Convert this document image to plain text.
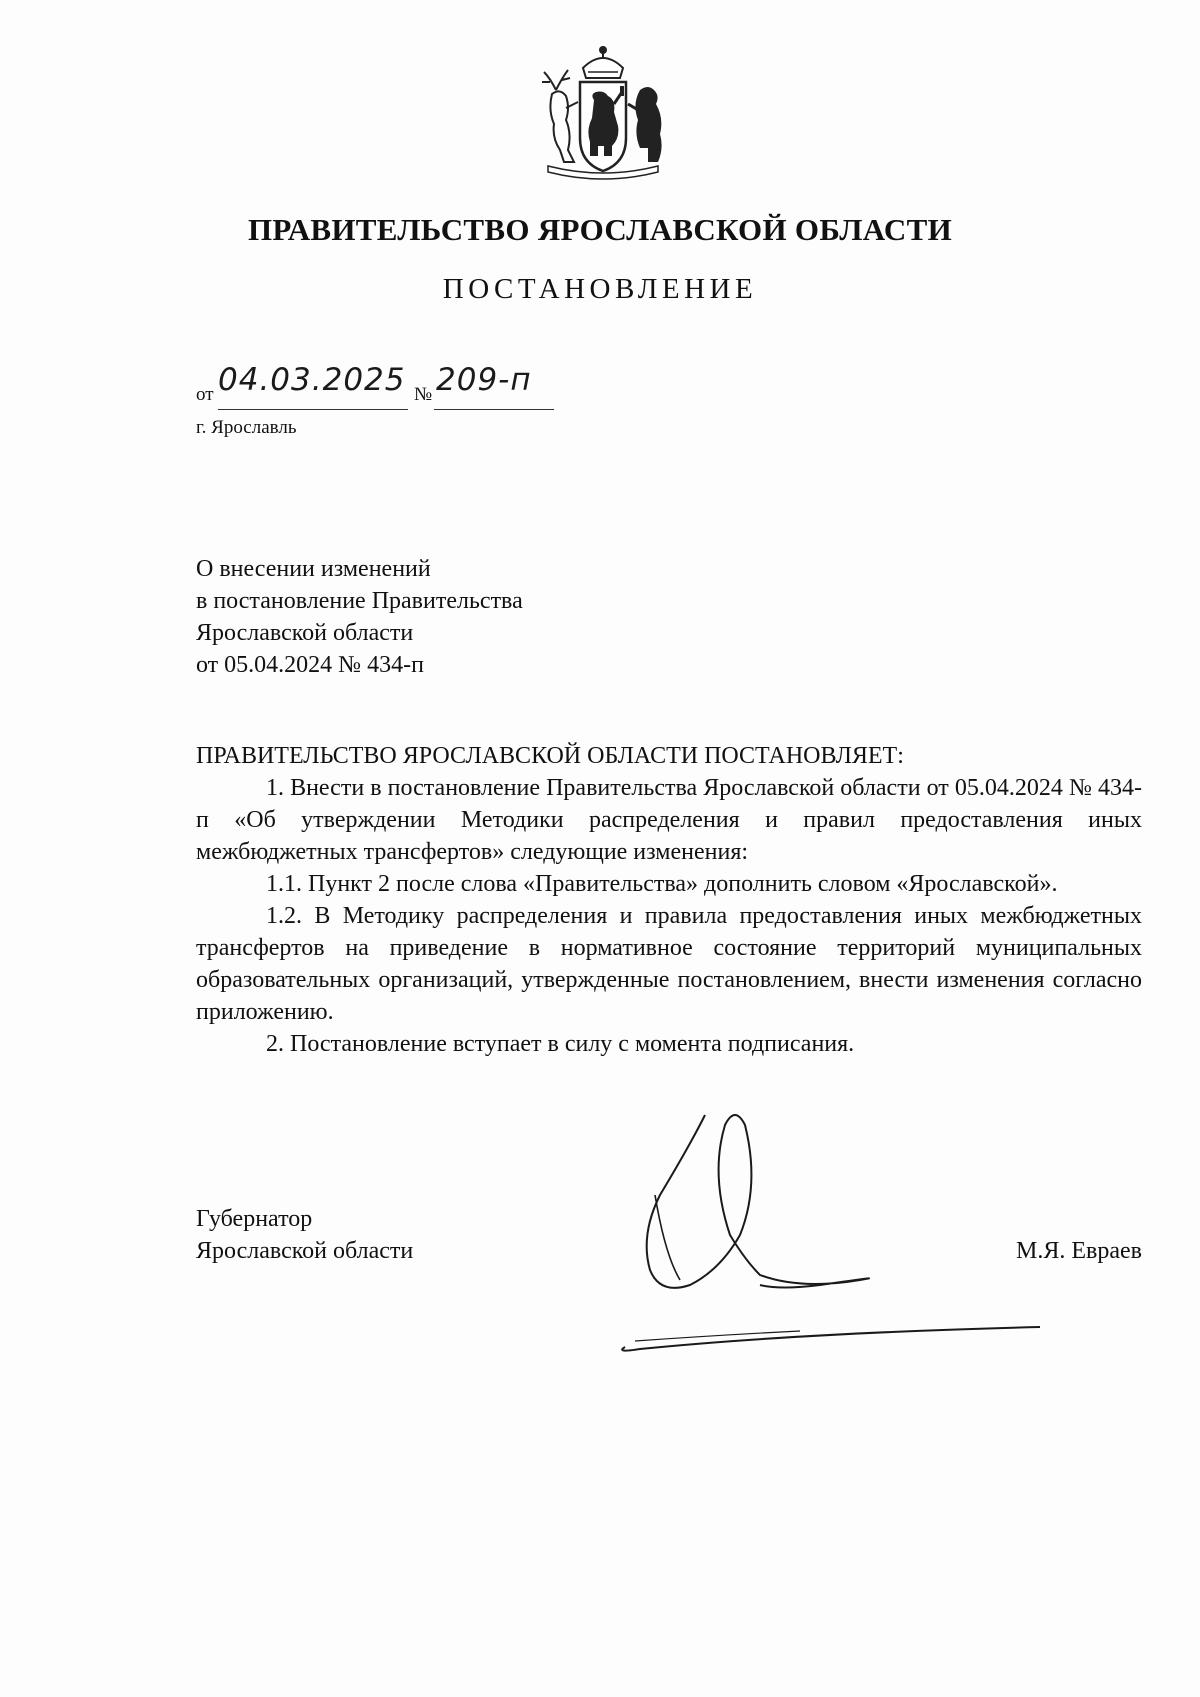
ПРАВИТЕЛЬСТВО ЯРОСЛАВСКОЙ ОБЛАСТИ
ПОСТАНОВЛЕНИЕ
от 04.03.2025 № 209-п
г. Ярославль
О внесении изменений
в постановление Правительства
Ярославской области
от 05.04.2024 № 434-п
ПРАВИТЕЛЬСТВО ЯРОСЛАВСКОЙ ОБЛАСТИ ПОСТАНОВЛЯЕТ:

1. Внести в постановление Правительства Ярославской области от 05.04.2024 № 434-п «Об утверждении Методики распределения и правил предоставления иных межбюджетных трансфертов» следующие изменения:

1.1. Пункт 2 после слова «Правительства» дополнить словом «Ярославской».

1.2. В Методику распределения и правила предоставления иных межбюджетных трансфертов на приведение в нормативное состояние территорий муниципальных образовательных организаций, утвержденные постановлением, внести изменения согласно приложению.

2. Постановление вступает в силу с момента подписания.

Губернатор
Ярославской области	М.Я. Евраев
